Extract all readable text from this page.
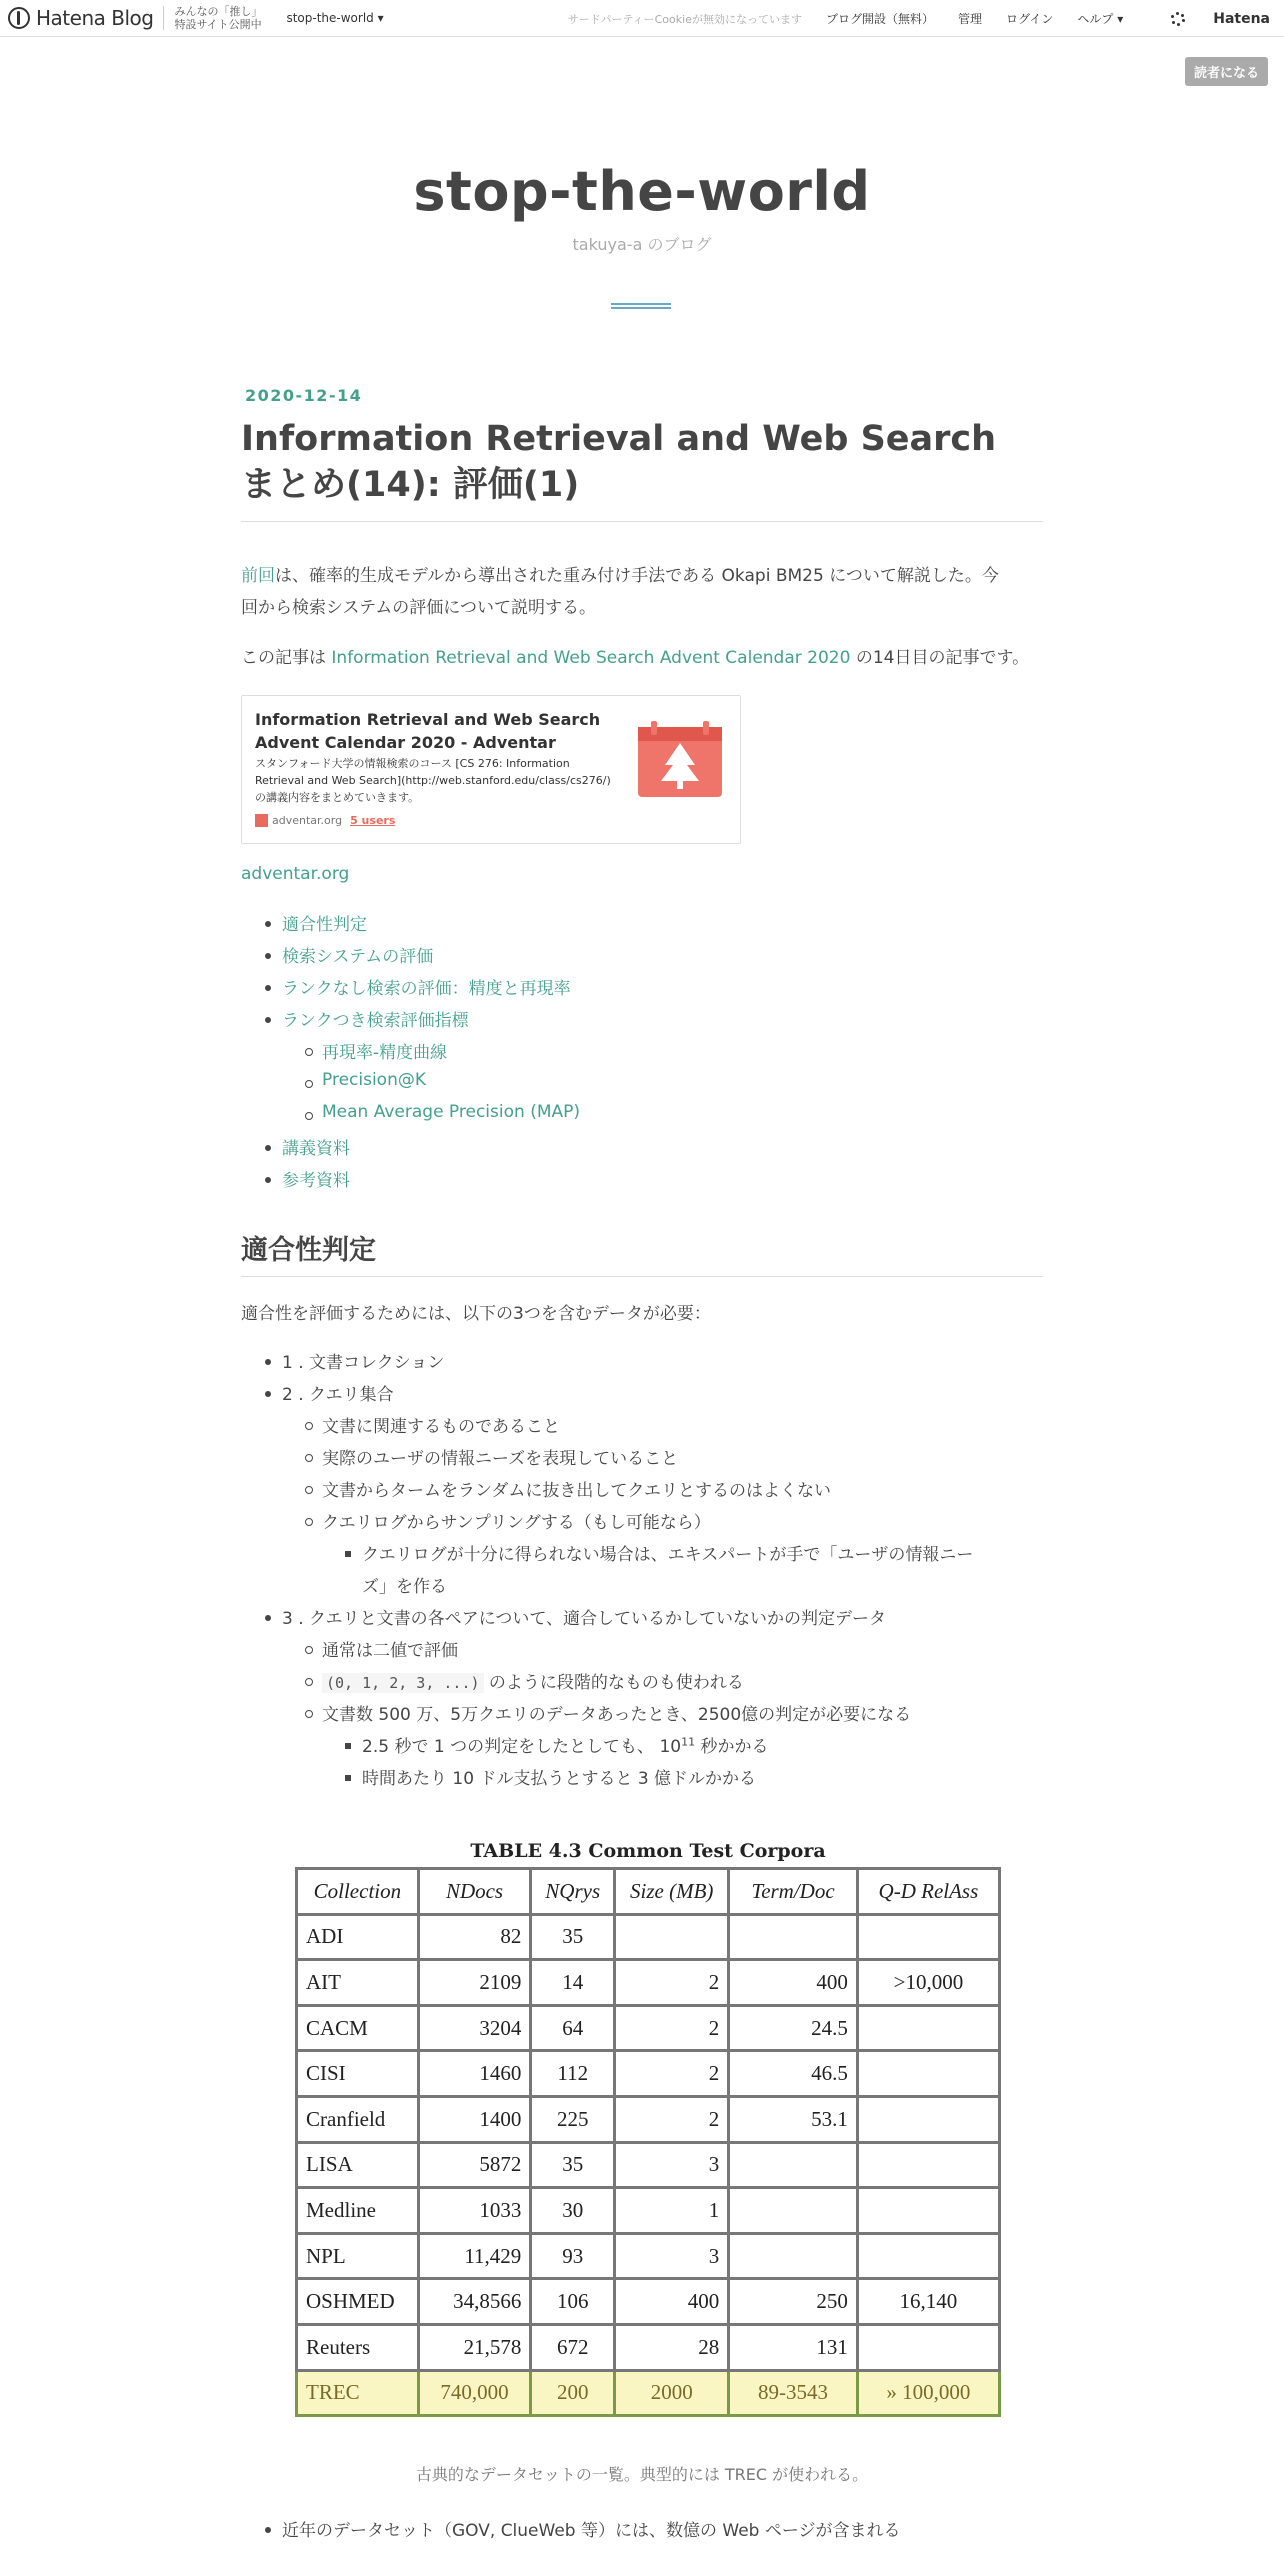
Hatena Blog みんなの「推し」
特設サイト公開中 stop-the-world ▾	サードパーティーCookieが無効になっています ブログ開設（無料） 管理 ログイン ヘルプ ▾	Hatena
読者になる
stop-the-world
takuya-a のブログ
2020-12-14
Information Retrieval and Web Search まとめ(14): 評価(1)
前回は、確率的生成モデルから導出された重み付け手法である Okapi BM25 について解説した。今
回から検索システムの評価について説明する。
この記事は Information Retrieval and Web Search Advent Calendar 2020 の14日目の記事です。
Information Retrieval and Web Search Advent Calendar 2020 - Adventar
スタンフォード大学の情報検索のコース [CS 276: Information Retrieval and Web Search](http://web.stanford.edu/class/cs276/) の講義内容をまとめていきます。
adventar.org 5 users
adventar.org
適合性判定
検索システムの評価
ランクなし検索の評価：精度と再現率
ランクつき検索評価指標
再現率-精度曲線
Precision@K
Mean Average Precision (MAP)
講義資料
参考資料
適合性判定
適合性を評価するためには、以下の3つを含むデータが必要：
1 . 文書コレクション
2 . クエリ集合
文書に関連するものであること
実際のユーザの情報ニーズを表現していること
文書からタームをランダムに抜き出してクエリとするのはよくない
クエリログからサンプリングする（もし可能なら）
クエリログが十分に得られない場合は、エキスパートが手で「ユーザの情報ニー
ズ」を作る
3 . クエリと文書の各ペアについて、適合しているかしていないかの判定データ
通常は二値で評価
(0, 1, 2, 3, ...) のように段階的なものも使われる
文書数 500 万、5万クエリのデータあったとき、2500億の判定が必要になる
2.5 秒で 1 つの判定をしたとしても、 $10^{11}$ 秒かかる
時間あたり 10 ドル支払うとすると 3 億ドルかかる
TABLE 4.3 Common Test Corpora
Collection	NDocs	NQrys	Size (MB)	Term/Doc	Q-D RelAss
ADI	82	35			
AIT	2109	14	2	400	>10,000
CACM	3204	64	2	24.5	
CISI	1460	112	2	46.5	
Cranfield	1400	225	2	53.1	
LISA	5872	35	3		
Medline	1033	30	1		
NPL	11,429	93	3		
OSHMED	34,8566	106	400	250	16,140
Reuters	21,578	672	28	131	
TREC	740,000	200	2000	89-3543	» 100,000
古典的なデータセットの一覧。典型的には TREC が使われる。
近年のデータセット（GOV, ClueWeb 等）には、数億の Web ページが含まれる
